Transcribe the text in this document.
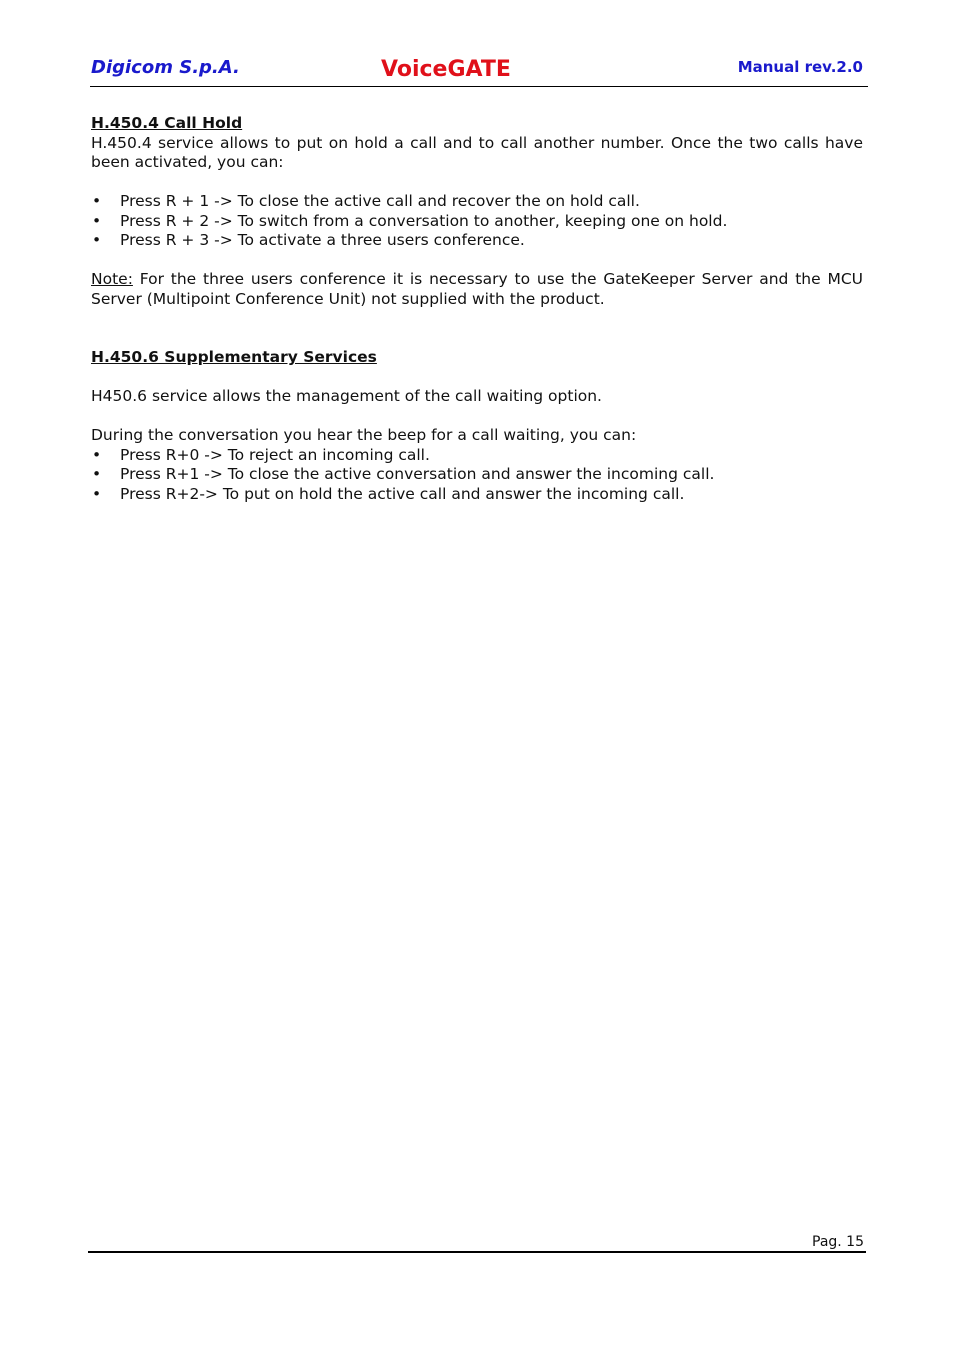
Digicom S.p.A.	VoiceGATE	Manual rev.2.0

H.450.4 Call Hold

H.450.4 service allows to put on hold a call and to call another number. Once the two calls have been activated, you can:

• Press R + 1 -> To close the active call and recover the on hold call.
• Press R + 2 -> To switch from a conversation to another, keeping one on hold.
• Press R + 3 -> To activate a three users conference.

Note: For the three users conference it is necessary to use the GateKeeper Server and the MCU Server (Multipoint Conference Unit) not supplied with the product.

H.450.6 Supplementary Services

H450.6 service allows the management of the call waiting option.

During the conversation you hear the beep for a call waiting, you can:

• Press R+0 -> To reject an incoming call.
• Press R+1 -> To close the active conversation and answer the incoming call.
• Press R+2-> To put on hold the active call and answer the incoming call.
Pag. 15
